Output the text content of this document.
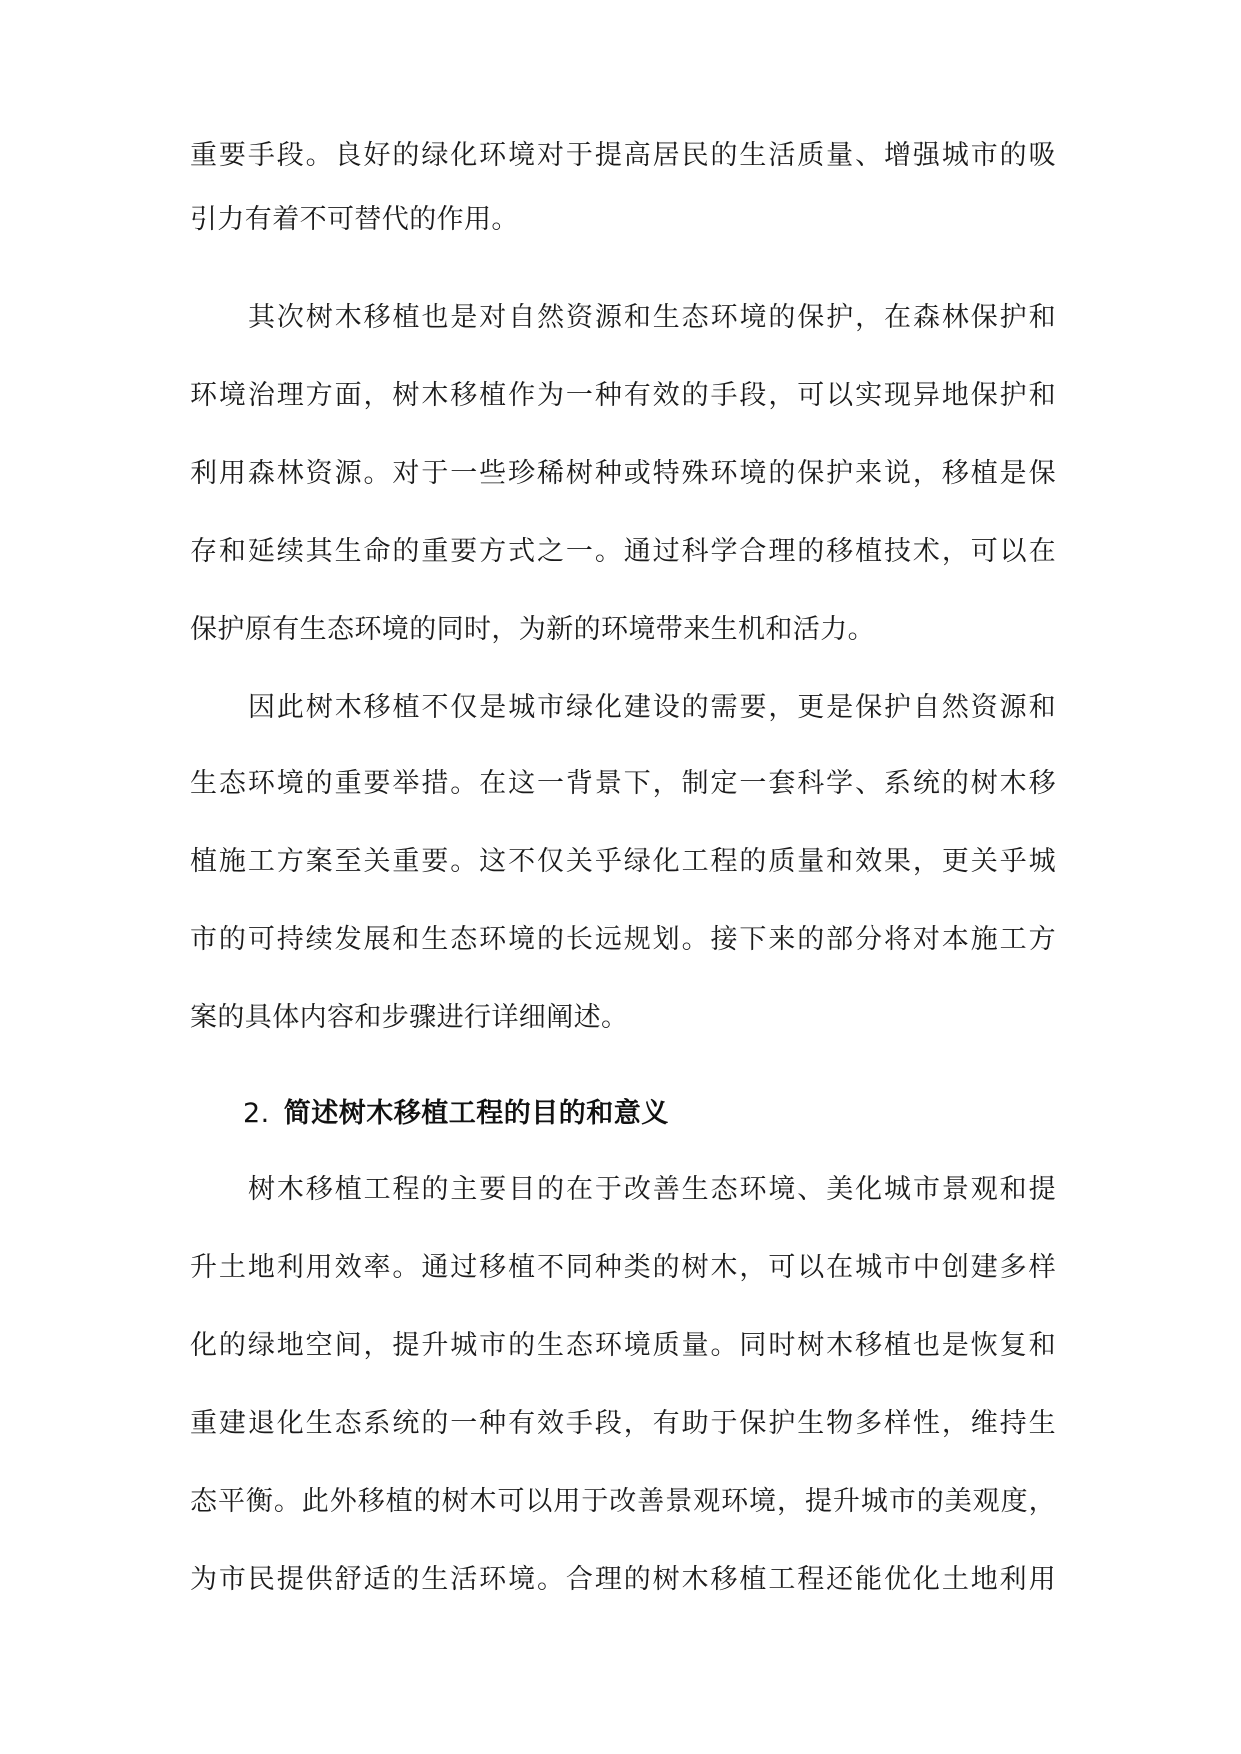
重要手段。良好的绿化环境对于提高居民的生活质量、增强城市的吸
引力有着不可替代的作用。
其次树木移植也是对自然资源和生态环境的保护，在森林保护和
环境治理方面，树木移植作为一种有效的手段，可以实现异地保护和
利用森林资源。对于一些珍稀树种或特殊环境的保护来说，移植是保
存和延续其生命的重要方式之一。通过科学合理的移植技术，可以在
保护原有生态环境的同时，为新的环境带来生机和活力。
因此树木移植不仅是城市绿化建设的需要，更是保护自然资源和
生态环境的重要举措。在这一背景下，制定一套科学、系统的树木移
植施工方案至关重要。这不仅关乎绿化工程的质量和效果，更关乎城
市的可持续发展和生态环境的长远规划。接下来的部分将对本施工方
案的具体内容和步骤进行详细阐述。
2. 简述树木移植工程的目的和意义
树木移植工程的主要目的在于改善生态环境、美化城市景观和提
升土地利用效率。通过移植不同种类的树木，可以在城市中创建多样
化的绿地空间，提升城市的生态环境质量。同时树木移植也是恢复和
重建退化生态系统的一种有效手段，有助于保护生物多样性，维持生
态平衡。此外移植的树木可以用于改善景观环境，提升城市的美观度，
为市民提供舒适的生活环境。合理的树木移植工程还能优化土地利用
